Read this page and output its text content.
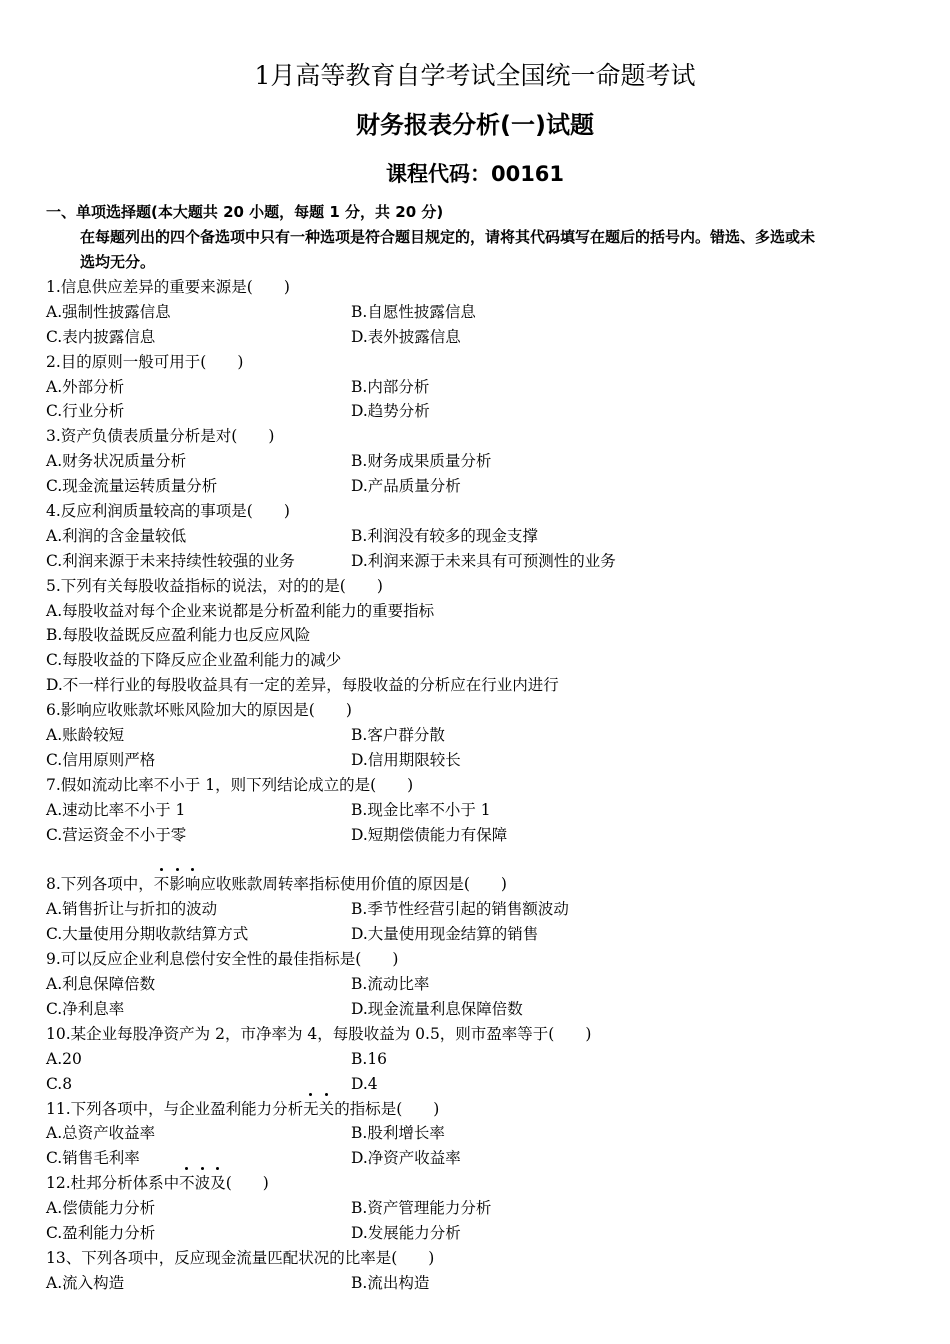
1月高等教育自学考试全国统一命题考试
财务报表分析(一)试题
课程代码：00161
一、单项选择题(本大题共 20 小题，每题 1 分，共 20 分)
在每题列出的四个备选项中只有一种选项是符合题目规定的，请将其代码填写在题后的括号内。错选、多选或未
选均无分。
1.信息供应差异的重要来源是(　　)
A.强制性披露信息	B.自愿性披露信息
C.表内披露信息	D.表外披露信息
2.目的原则一般可用于(　　)
A.外部分析	B.内部分析
C.行业分析	D.趋势分析
3.资产负债表质量分析是对(　　)
A.财务状况质量分析	B.财务成果质量分析
C.现金流量运转质量分析	D.产品质量分析
4.反应利润质量较高的事项是(　　)
A.利润的含金量较低	B.利润没有较多的现金支撑
C.利润来源于未来持续性较强的业务	D.利润来源于未来具有可预测性的业务
5.下列有关每股收益指标的说法，对的的是(　　)
A.每股收益对每个企业来说都是分析盈利能力的重要指标
B.每股收益既反应盈利能力也反应风险
C.每股收益的下降反应企业盈利能力的减少
D.不一样行业的每股收益具有一定的差异，每股收益的分析应在行业内进行
6.影响应收账款坏账风险加大的原因是(　　)
A.账龄较短	B.客户群分散
C.信用原则严格	D.信用期限较长
7.假如流动比率不小于 1，则下列结论成立的是(　　)
A.速动比率不小于 1	B.现金比率不小于 1
C.营运资金不小于零	D.短期偿债能力有保障
8.下列各项中，不
影
响
应收账款周转率指标使用价值的原因是(　　)
A.销售折让与折扣的波动	B.季节性经营引起的销售额波动
C.大量使用分期收款结算方式	D.大量使用现金结算的销售
9.可以反应企业利息偿付安全性的最佳指标是(　　)
A.利息保障倍数	B.流动比率
C.净利息率	D.现金流量利息保障倍数
10.某企业每股净资产为 2，市净率为 4，每股收益为 0.5，则市盈率等于(　　)
A.20	B.16
C.8	D.4
11.下列各项中，与企业盈利能力分析无
关
的指标是(　　)
A.总资产收益率	B.股利增长率
C.销售毛利率	D.净资产收益率
12.杜邦分析体系中不
波
及
(　　)
A.偿债能力分析	B.资产管理能力分析
C.盈利能力分析	D.发展能力分析
13、下列各项中，反应现金流量匹配状况的比率是(　　)
A.流入构造	B.流出构造
